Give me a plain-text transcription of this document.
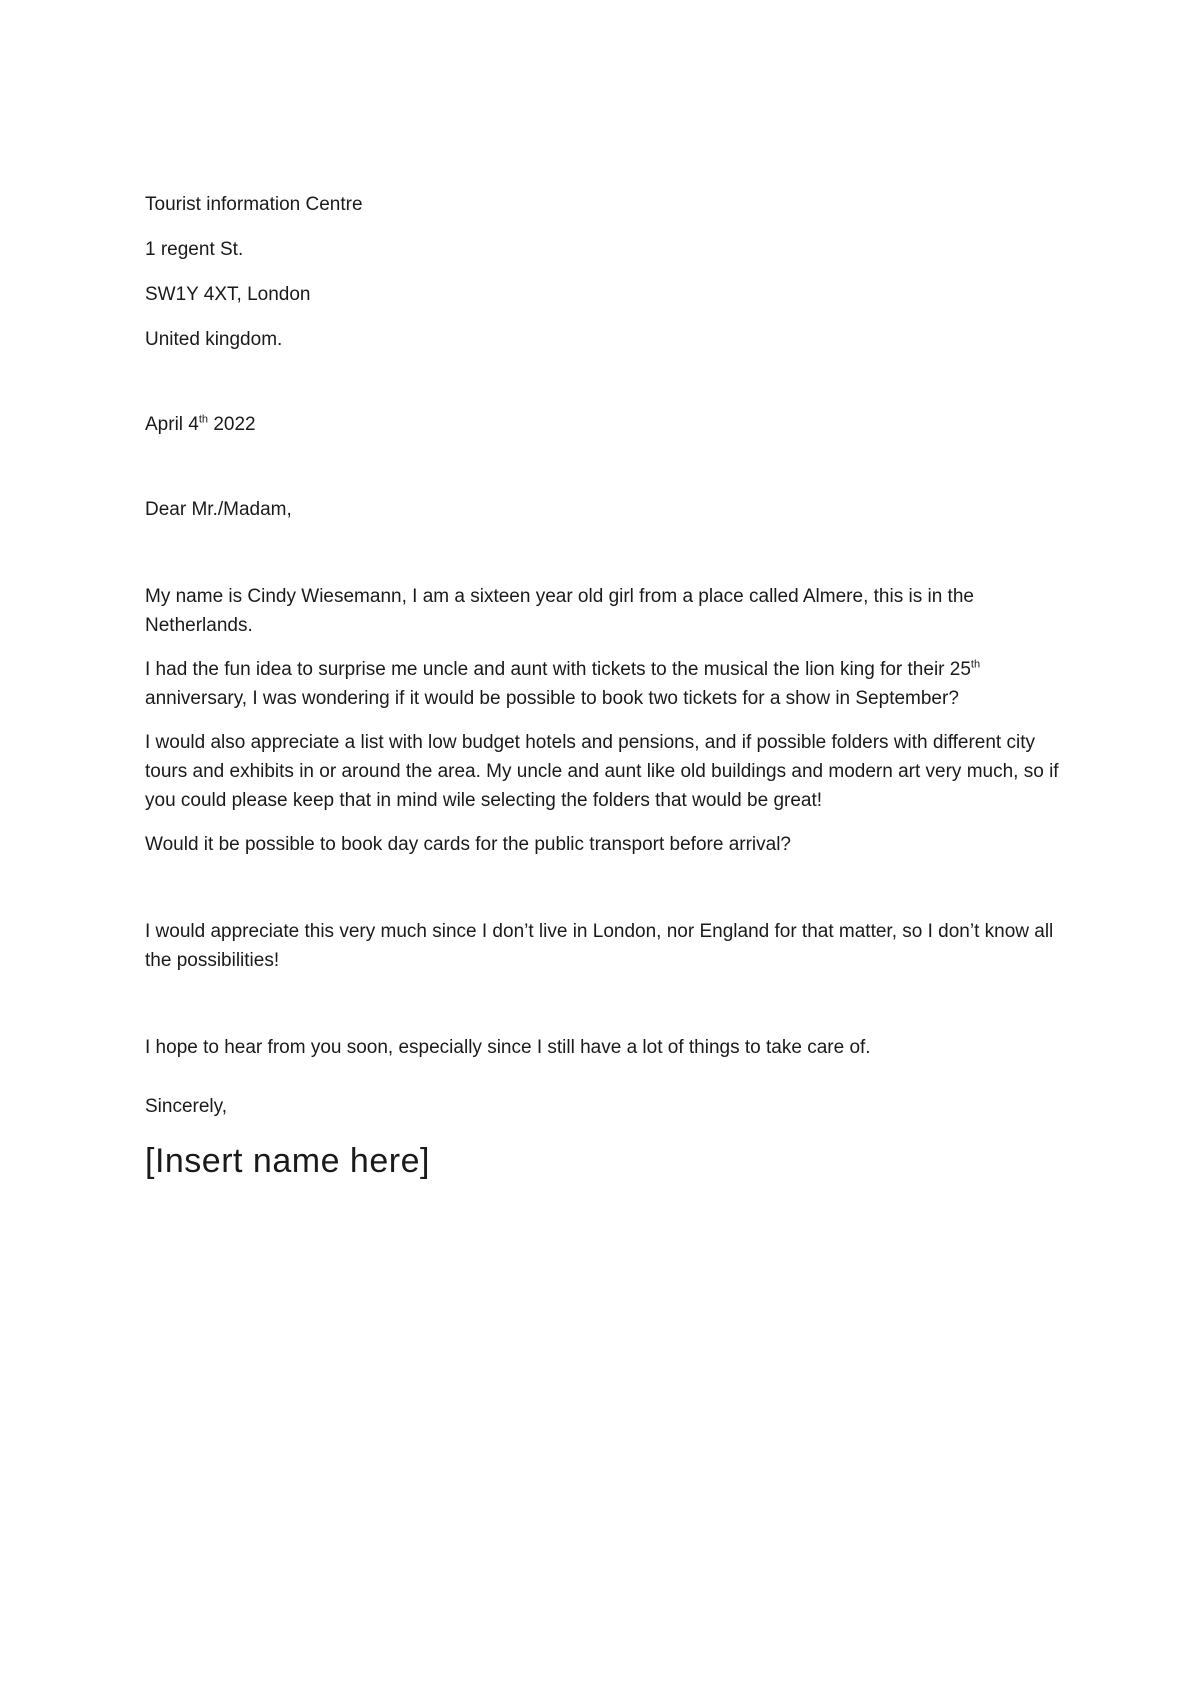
Tourist information Centre
1 regent St.
SW1Y 4XT, London
United kingdom.
April 4th 2022
Dear Mr./Madam,

My name is Cindy Wiesemann, I am a sixteen year old girl from a place called Almere, this is in the Netherlands.

I had the fun idea to surprise me uncle and aunt with tickets to the musical the lion king for their 25th anniversary, I was wondering if it would be possible to book two tickets for a show in September?

I would also appreciate a list with low budget hotels and pensions, and if possible folders with different city tours and exhibits in or around the area. My uncle and aunt like old buildings and modern art very much, so if you could please keep that in mind wile selecting the folders that would be great!

Would it be possible to book day cards for the public transport before arrival?

I would appreciate this very much since I don’t live in London, nor England for that matter, so I don’t know all the possibilities!

I hope to hear from you soon, especially since I still have a lot of things to take care of.

Sincerely,
[Insert name here]
